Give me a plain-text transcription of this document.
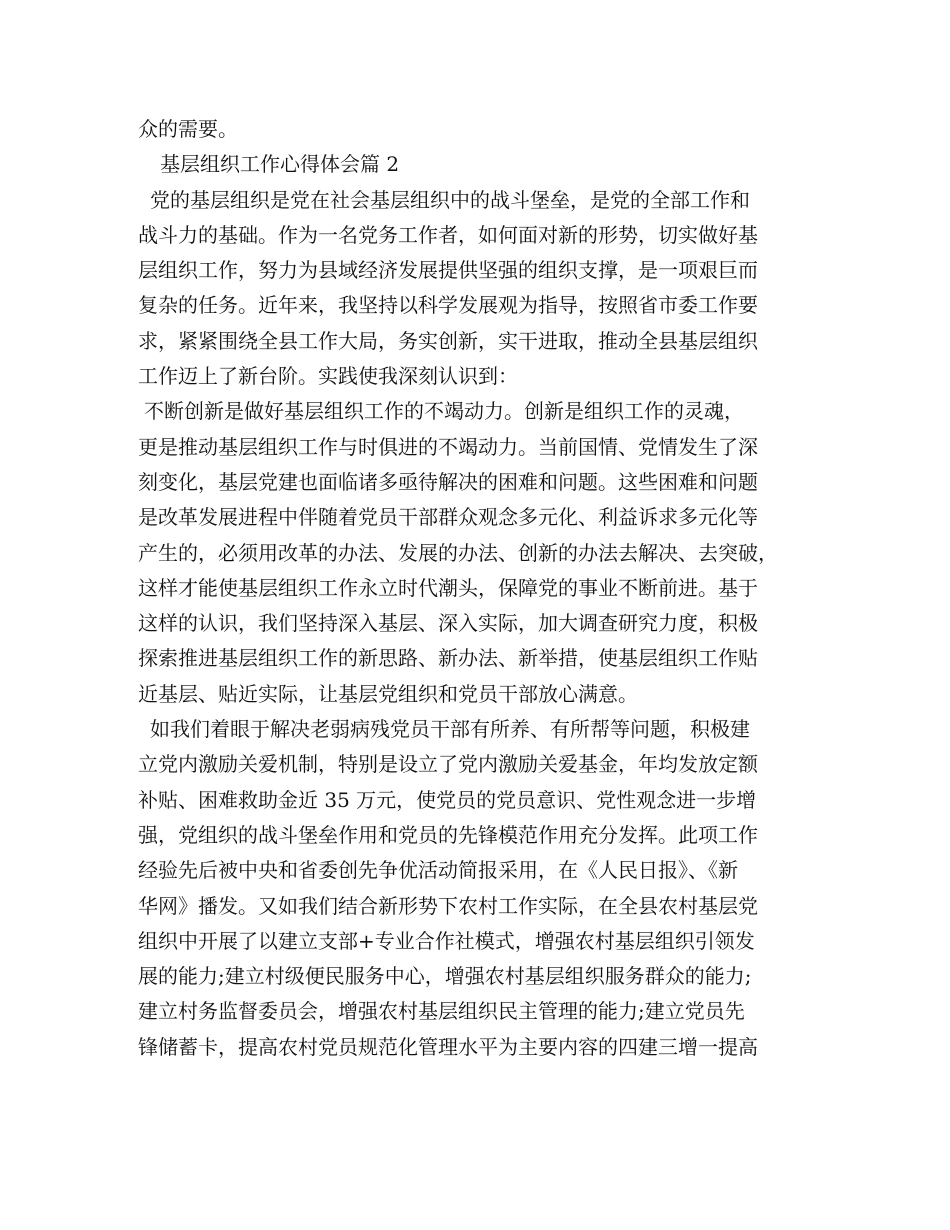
众的需要。
基层组织工作心得体会篇 2
党的基层组织是党在社会基层组织中的战斗堡垒，是党的全部工作和
战斗力的基础。作为一名党务工作者，如何面对新的形势，切实做好基
层组织工作，努力为县域经济发展提供坚强的组织支撑，是一项艰巨而
复杂的任务。近年来，我坚持以科学发展观为指导，按照省市委工作要
求，紧紧围绕全县工作大局，务实创新，实干进取，推动全县基层组织
工作迈上了新台阶。实践使我深刻认识到：
不断创新是做好基层组织工作的不竭动力。创新是组织工作的灵魂，
更是推动基层组织工作与时俱进的不竭动力。当前国情、党情发生了深
刻变化，基层党建也面临诸多亟待解决的困难和问题。这些困难和问题
是改革发展进程中伴随着党员干部群众观念多元化、利益诉求多元化等
产生的，必须用改革的办法、发展的办法、创新的办法去解决、去突破，
这样才能使基层组织工作永立时代潮头，保障党的事业不断前进。基于
这样的认识，我们坚持深入基层、深入实际，加大调查研究力度，积极
探索推进基层组织工作的新思路、新办法、新举措，使基层组织工作贴
近基层、贴近实际，让基层党组织和党员干部放心满意。
如我们着眼于解决老弱病残党员干部有所养、有所帮等问题，积极建
立党内激励关爱机制，特别是设立了党内激励关爱基金，年均发放定额
补贴、困难救助金近 35 万元，使党员的党员意识、党性观念进一步增
强，党组织的战斗堡垒作用和党员的先锋模范作用充分发挥。此项工作
经验先后被中央和省委创先争优活动简报采用，在《人民日报》、《新
华网》播发。又如我们结合新形势下农村工作实际，在全县农村基层党
组织中开展了以建立支部+专业合作社模式，增强农村基层组织引领发
展的能力;建立村级便民服务中心，增强农村基层组织服务群众的能力;
建立村务监督委员会，增强农村基层组织民主管理的能力;建立党员先
锋储蓄卡，提高农村党员规范化管理水平为主要内容的四建三增一提高
